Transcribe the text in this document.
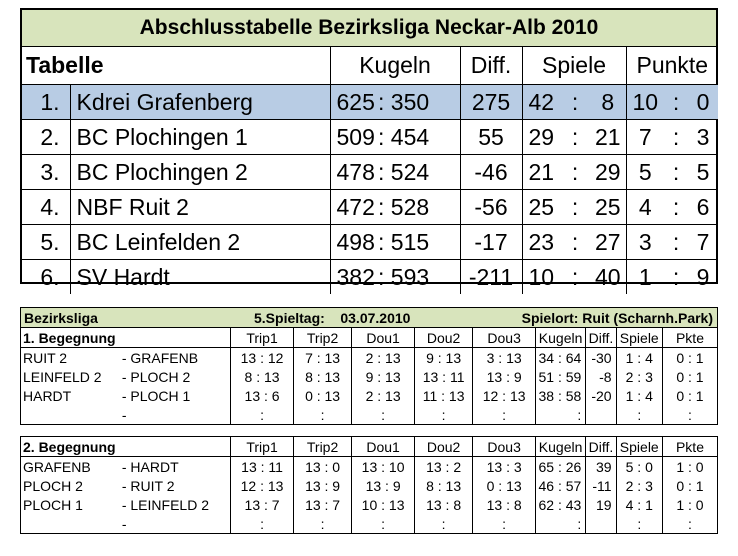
Abschlusstabelle Bezirksliga Neckar-Alb 2010
Tabelle		Kugeln		Diff.	Spiele			Punkte		
1.	Kdrei Grafenberg	625	: 350	275	42	:	8	10	:	0
2.	BC Plochingen 1	509	: 454	55	29	:	21	7	:	3
3.	BC Plochingen 2	478	: 524	-46	21	:	29	5	:	5
4.	NBF Ruit 2	472	: 528	-56	25	:	25	4	:	6
5.	BC Leinfelden 2	498	: 515	-17	23	:	27	3	:	7
6.	SV Hardt	382	: 593	-211	10	:	40	1	:	9
Bezirksliga	5.Spieltag: 03.07.2010	Spielort: Ruit (Scharnh.Park)
1. Begegnung		Trip1	Trip2	Dou1	Dou2	Dou3	Kugeln	Diff.	Spiele	Pkte
RUIT 2	- GRAFENB	13 : 12	7 : 13	2 : 13	9 : 13	3 : 13	34 : 64	-30	1 : 4	0 : 1
LEINFELD 2	- PLOCH 2	8 : 13	8 : 13	9 : 13	13 : 11	13 : 9	51 : 59	-8	2 : 3	0 : 1
HARDT	- PLOCH 1	13 : 6	0 : 13	2 : 13	11 : 13	12 : 13	38 : 58	-20	1 : 4	0 : 1
	-	:	:	:	:	:	:		:	:
2. Begegnung		Trip1	Trip2	Dou1	Dou2	Dou3	Kugeln	Diff.	Spiele	Pkte
GRAFENB	- HARDT	13 : 11	13 : 0	13 : 10	13 : 2	13 : 3	65 : 26	39	5 : 0	1 : 0
PLOCH 2	- RUIT 2	12 : 13	13 : 9	13 : 9	8 : 13	0 : 13	46 : 57	-11	2 : 3	0 : 1
PLOCH 1	- LEINFELD 2	13 : 7	13 : 7	10 : 13	13 : 8	13 : 8	62 : 43	19	4 : 1	1 : 0
	-	:	:	:	:	:	:		:	:
